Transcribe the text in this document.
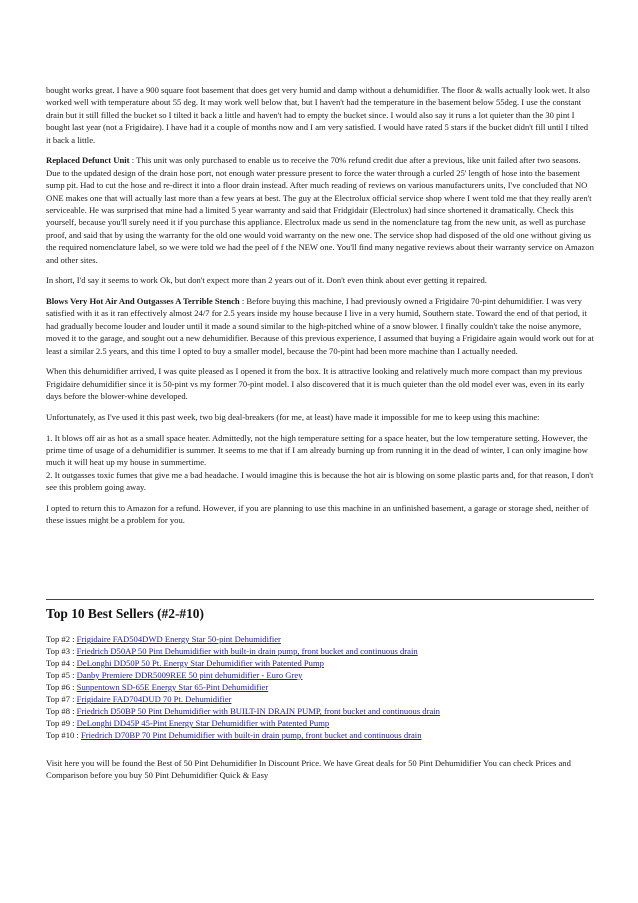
bought works great. I have a 900 square foot basement that does get very humid and damp without a dehumidifier. The floor & walls actually look wet. It also worked well with temperature about 55 deg. It may work well below that, but I haven't had the temperature in the basement below 55deg. I use the constant drain but it still filled the bucket so I tilted it back a little and haven't had to empty the bucket since. I would also say it runs a lot quieter than the 30 pint I bought last year (not a Frigidaire). I have had it a couple of months now and I am very satisfied. I would have rated 5 stars if the bucket didn't fill until I tilted it back a little.

Replaced Defunct Unit : This unit was only purchased to enable us to receive the 70% refund credit due after a previous, like unit failed after two seasons.

Due to the updated design of the drain hose port, not enough water pressure present to force the water through a curled 25' length of hose into the basement sump pit. Had to cut the hose and re-direct it into a floor drain instead. After much reading of reviews on various manufacturers units, I've concluded that NO ONE makes one that will actually last more than a few years at best. The guy at the Electrolux official service shop where I went told me that they really aren't serviceable. He was surprised that mine had a limited 5 year warranty and said that Fridgidair (Electrolux) had since shortened it dramatically. Check this yourself, because you'll surely need it if you purchase this appliance. Electrolux made us send in the nomenclature tag from the new unit, as well as purchase proof, and said that by using the warranty for the old one would void warranty on the new one. The service shop had disposed of the old one without giving us the required nomenclature label, so we were told we had the peel of f the NEW one. You'll find many negative reviews about their warranty service on Amazon and other sites.

In short, I'd say it seems to work Ok, but don't expect more than 2 years out of it. Don't even think about ever getting it repaired.

Blows Very Hot Air And Outgasses A Terrible Stench : Before buying this machine, I had previously owned a Frigidaire 70-pint dehumidifier. I was very satisfied with it as it ran effectively almost 24/7 for 2.5 years inside my house because I live in a very humid, Southern state. Toward the end of that period, it had gradually become louder and louder until it made a sound similar to the high-pitched whine of a snow blower. I finally couldn't take the noise anymore, moved it to the garage, and sought out a new dehumidifier. Because of this previous experience, I assumed that buying a Frigidaire again would work out for at least a similar 2.5 years, and this time I opted to buy a smaller model, because the 70-pint had been more machine than I actually needed.

When this dehumidifier arrived, I was quite pleased as I opened it from the box. It is attractive looking and relatively much more compact than my previous Frigidaire dehumidifier since it is 50-pint vs my former 70-pint model. I also discovered that it is much quieter than the old model ever was, even in its early days before the blower-whine developed.

Unfortunately, as I've used it this past week, two big deal-breakers (for me, at least) have made it impossible for me to keep using this machine:

1. It blows off air as hot as a small space heater. Admittedly, not the high temperature setting for a space heater, but the low temperature setting. However, the prime time of usage of a dehumidifier is summer. It seems to me that if I am already burning up from running it in the dead of winter, I can only imagine how much it will heat up my house in summertime.

2. It outgasses toxic fumes that give me a bad headache. I would imagine this is because the hot air is blowing on some plastic parts and, for that reason, I don't see this problem going away.

I opted to return this to Amazon for a refund. However, if you are planning to use this machine in an unfinished basement, a garage or storage shed, neither of these issues might be a problem for you.

Top 10 Best Sellers (#2-#10)
Top #2 : Frigidaire FAD504DWD Energy Star 50-pint Dehumidifier
Top #3 : Friedrich D50AP 50 Pint Dehumidifier with built-in drain pump, front bucket and continuous drain
Top #4 : DeLonghi DD50P 50 Pt. Energy Star Dehumidifier with Patented Pump
Top #5 : Danby Premiere DDR5009REE 50 pint dehumidifier - Euro Grey
Top #6 : Sunpentown SD-65E Energy Star 65-Pint Dehumidifier
Top #7 : Frigidaire FAD704DUD 70 Pt. Dehumidifier
Top #8 : Friedrich D50BP 50 Pint Dehumidifier with BUILT-IN DRAIN PUMP, front bucket and continuous drain
Top #9 : DeLonghi DD45P 45-Pint Energy Star Dehumidifier with Patented Pump
Top #10 : Friedrich D70BP 70 Pint Dehumidifier with built-in drain pump, front bucket and continuous drain

Visit here you will be found the Best of 50 Pint Dehumidifier In Discount Price. We have Great deals for 50 Pint Dehumidifier You can check Prices and Comparison before you buy 50 Pint Dehumidifier Quick & Easy
